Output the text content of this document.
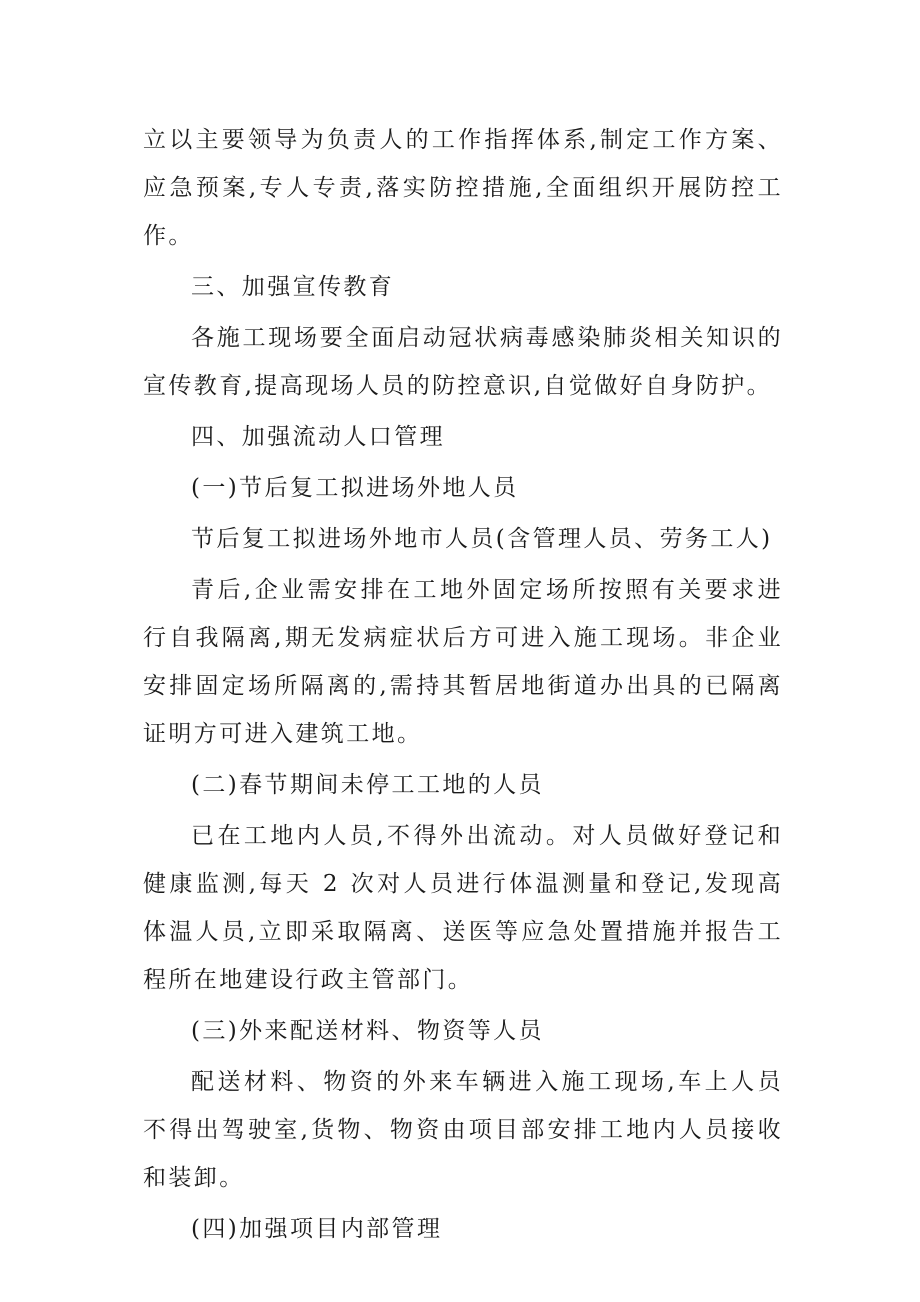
立以主要领导为负责人的工作指挥体系,制定工作方案、应急预案,专人专责,落实防控措施,全面组织开展防控工作。

三、加强宣传教育

各施工现场要全面启动冠状病毒感染肺炎相关知识的宣传教育,提高现场人员的防控意识,自觉做好自身防护。

四、加强流动人口管理

(一)节后复工拟进场外地人员

节后复工拟进场外地市人员(含管理人员、劳务工人)

青后,企业需安排在工地外固定场所按照有关要求进行自我隔离,期无发病症状后方可进入施工现场。非企业安排固定场所隔离的,需持其暂居地街道办出具的已隔离证明方可进入建筑工地。

(二)春节期间未停工工地的人员

已在工地内人员,不得外出流动。对人员做好登记和健康监测,每天 2 次对人员进行体温测量和登记,发现高体温人员,立即采取隔离、送医等应急处置措施并报告工程所在地建设行政主管部门。

(三)外来配送材料、物资等人员

配送材料、物资的外来车辆进入施工现场,车上人员不得出驾驶室,货物、物资由项目部安排工地内人员接收和装卸。

(四)加强项目内部管理
